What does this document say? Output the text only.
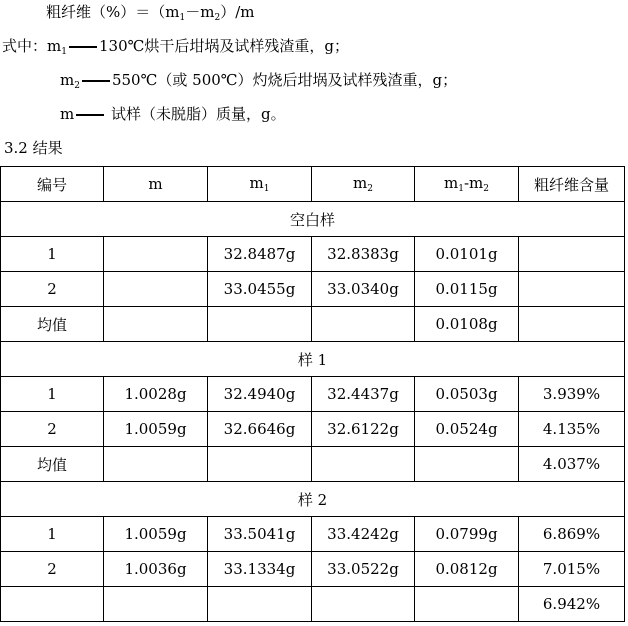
粗纤维$(\%)=(m_1-m_2)/m$
式中：$m_1$ 130℃烘干后坩埚及试样残渣重，g；
$m_2$ 550℃（或 500℃）灼烧后坩埚及试样残渣重，g；
m 试样（未脱脂）质量，g。
3.2 结果
编号	m	$m_1$	$m_2$	$m_1-m_2$	粗纤维含量
空白样					
1		32.8487g	32.8383g	0.0101g	
2		33.0455g	33.0340g	0.0115g	
均值				0.0108g	
样 1					
1	1.0028g	32.4940g	32.4437g	0.0503g	3.939%
2	1.0059g	32.6646g	32.6122g	0.0524g	4.135%
均值					4.037%
样 2					
1	1.0059g	33.5041g	33.4242g	0.0799g	6.869%
2	1.0036g	33.1334g	33.0522g	0.0812g	7.015%
					6.942%
